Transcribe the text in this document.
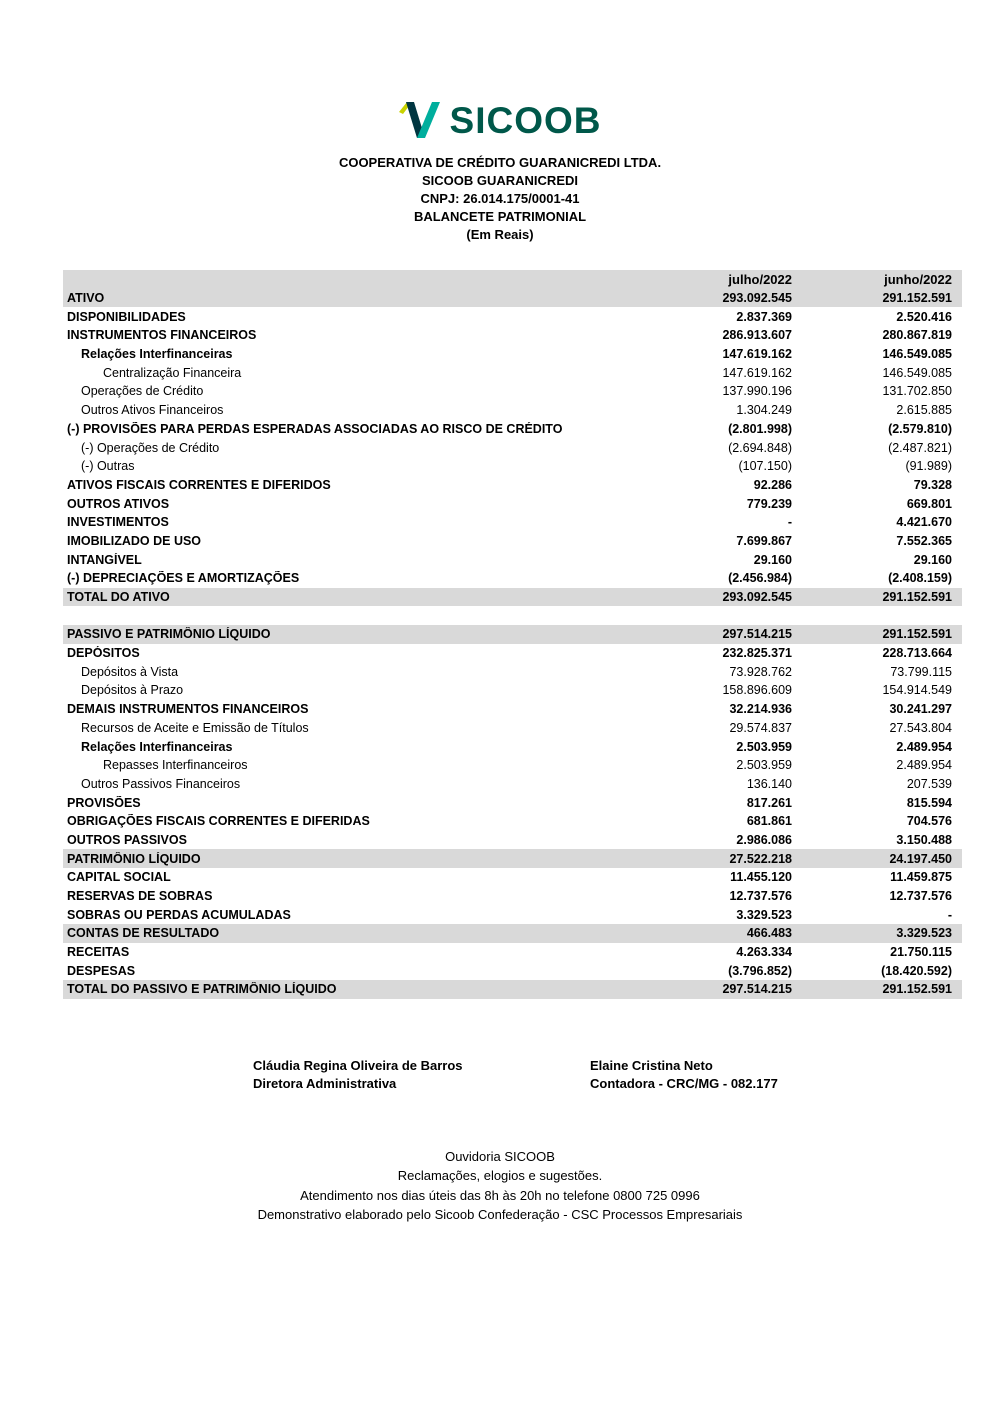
SICOOB
COOPERATIVA DE CRÉDITO GUARANICREDI LTDA.
SICOOB GUARANICREDI
CNPJ: 26.014.175/0001-41
BALANCETE PATRIMONIAL
(Em Reais)
julho/2022	junho/2022
ATIVO	293.092.545	291.152.591
DISPONIBILIDADES	2.837.369	2.520.416
INSTRUMENTOS FINANCEIROS	286.913.607	280.867.819
Relações Interfinanceiras	147.619.162	146.549.085
Centralização Financeira	147.619.162	146.549.085
Operações de Crédito	137.990.196	131.702.850
Outros Ativos Financeiros	1.304.249	2.615.885
(-) PROVISÕES PARA PERDAS ESPERADAS ASSOCIADAS AO RISCO DE CRÉDITO	(2.801.998)	(2.579.810)
(-) Operações de Crédito	(2.694.848)	(2.487.821)
(-) Outras	(107.150)	(91.989)
ATIVOS FISCAIS CORRENTES E DIFERIDOS	92.286	79.328
OUTROS ATIVOS	779.239	669.801
INVESTIMENTOS	-	4.421.670
IMOBILIZADO DE USO	7.699.867	7.552.365
INTANGÍVEL	29.160	29.160
(-) DEPRECIAÇÕES E AMORTIZAÇÕES	(2.456.984)	(2.408.159)
TOTAL DO ATIVO	293.092.545	291.152.591
PASSIVO E PATRIMÔNIO LÍQUIDO	297.514.215	291.152.591
DEPÓSITOS	232.825.371	228.713.664
Depósitos à Vista	73.928.762	73.799.115
Depósitos à Prazo	158.896.609	154.914.549
DEMAIS INSTRUMENTOS FINANCEIROS	32.214.936	30.241.297
Recursos de Aceite e Emissão de Títulos	29.574.837	27.543.804
Relações Interfinanceiras	2.503.959	2.489.954
Repasses Interfinanceiros	2.503.959	2.489.954
Outros Passivos Financeiros	136.140	207.539
PROVISÕES	817.261	815.594
OBRIGAÇÕES FISCAIS CORRENTES E DIFERIDAS	681.861	704.576
OUTROS PASSIVOS	2.986.086	3.150.488
PATRIMÔNIO LÍQUIDO	27.522.218	24.197.450
CAPITAL SOCIAL	11.455.120	11.459.875
RESERVAS DE SOBRAS	12.737.576	12.737.576
SOBRAS OU PERDAS ACUMULADAS	3.329.523	-
CONTAS DE RESULTADO	466.483	3.329.523
RECEITAS	4.263.334	21.750.115
DESPESAS	(3.796.852)	(18.420.592)
TOTAL DO PASSIVO E PATRIMÔNIO LÍQUIDO	297.514.215	291.152.591
Cláudia Regina Oliveira de Barros
Diretora Administrativa
Elaine Cristina Neto
Contadora - CRC/MG - 082.177
Ouvidoria SICOOB
Reclamações, elogios e sugestões.
Atendimento nos dias úteis das 8h às 20h no telefone 0800 725 0996
Demonstrativo elaborado pelo Sicoob Confederação - CSC Processos Empresariais
